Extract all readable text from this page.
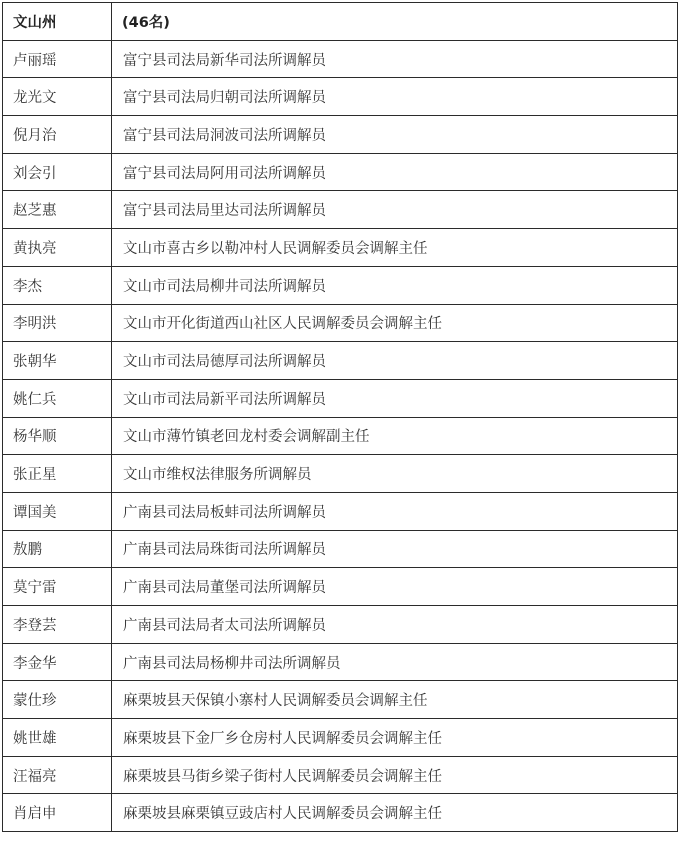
文山州	(46名)
卢丽瑶	富宁县司法局新华司法所调解员
龙光文	富宁县司法局归朝司法所调解员
倪月治	富宁县司法局洞波司法所调解员
刘会引	富宁县司法局阿用司法所调解员
赵芝惠	富宁县司法局里达司法所调解员
黄执亮	文山市喜古乡以勒冲村人民调解委员会调解主任
李杰	文山市司法局柳井司法所调解员
李明洪	文山市开化街道西山社区人民调解委员会调解主任
张朝华	文山市司法局德厚司法所调解员
姚仁兵	文山市司法局新平司法所调解员
杨华顺	文山市薄竹镇老回龙村委会调解副主任
张正星	文山市维权法律服务所调解员
谭国美	广南县司法局板蚌司法所调解员
敖鹏	广南县司法局珠街司法所调解员
莫宁雷	广南县司法局董堡司法所调解员
李登芸	广南县司法局者太司法所调解员
李金华	广南县司法局杨柳井司法所调解员
蒙仕珍	麻栗坡县天保镇小寨村人民调解委员会调解主任
姚世雄	麻栗坡县下金厂乡仓房村人民调解委员会调解主任
汪福亮	麻栗坡县马街乡梁子街村人民调解委员会调解主任
肖启申	麻栗坡县麻栗镇豆豉店村人民调解委员会调解主任
